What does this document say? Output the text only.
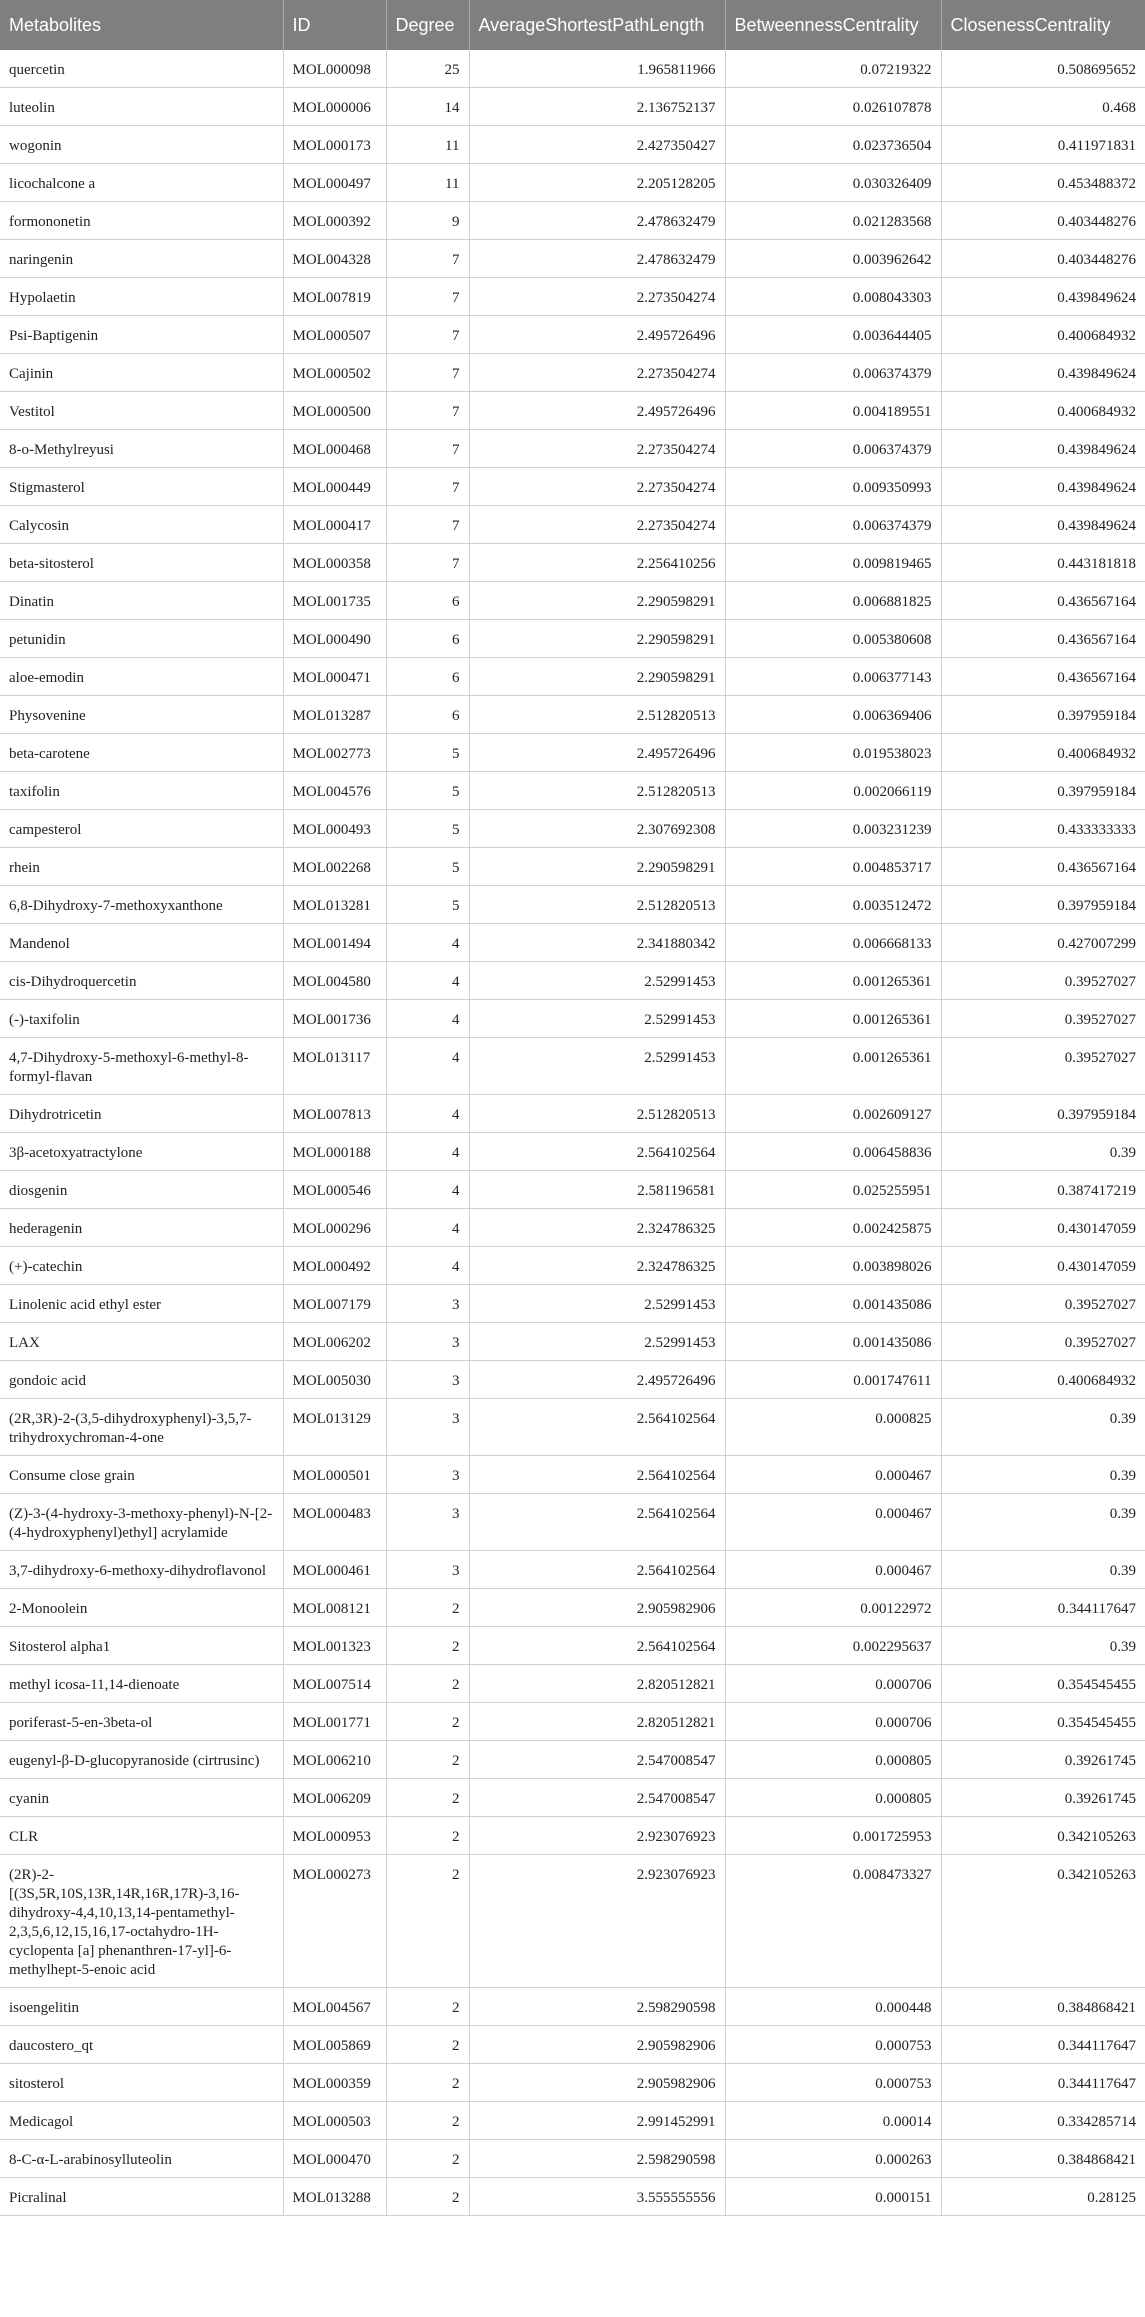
Metabolites	ID	Degree	AverageShortestPathLength	BetweennessCentrality	ClosenessCentrality
quercetin	MOL000098	25	1.965811966	0.07219322	0.508695652
luteolin	MOL000006	14	2.136752137	0.026107878	0.468
wogonin	MOL000173	11	2.427350427	0.023736504	0.411971831
licochalcone a	MOL000497	11	2.205128205	0.030326409	0.453488372
formononetin	MOL000392	9	2.478632479	0.021283568	0.403448276
naringenin	MOL004328	7	2.478632479	0.003962642	0.403448276
Hypolaetin	MOL007819	7	2.273504274	0.008043303	0.439849624
Psi-Baptigenin	MOL000507	7	2.495726496	0.003644405	0.400684932
Cajinin	MOL000502	7	2.273504274	0.006374379	0.439849624
Vestitol	MOL000500	7	2.495726496	0.004189551	0.400684932
8-o-Methylreyusi	MOL000468	7	2.273504274	0.006374379	0.439849624
Stigmasterol	MOL000449	7	2.273504274	0.009350993	0.439849624
Calycosin	MOL000417	7	2.273504274	0.006374379	0.439849624
beta-sitosterol	MOL000358	7	2.256410256	0.009819465	0.443181818
Dinatin	MOL001735	6	2.290598291	0.006881825	0.436567164
petunidin	MOL000490	6	2.290598291	0.005380608	0.436567164
aloe-emodin	MOL000471	6	2.290598291	0.006377143	0.436567164
Physovenine	MOL013287	6	2.512820513	0.006369406	0.397959184
beta-carotene	MOL002773	5	2.495726496	0.019538023	0.400684932
taxifolin	MOL004576	5	2.512820513	0.002066119	0.397959184
campesterol	MOL000493	5	2.307692308	0.003231239	0.433333333
rhein	MOL002268	5	2.290598291	0.004853717	0.436567164
6,8-Dihydroxy-7-methoxyxanthone	MOL013281	5	2.512820513	0.003512472	0.397959184
Mandenol	MOL001494	4	2.341880342	0.006668133	0.427007299
cis-Dihydroquercetin	MOL004580	4	2.52991453	0.001265361	0.39527027
(-)-taxifolin	MOL001736	4	2.52991453	0.001265361	0.39527027
4,7-Dihydroxy-5-methoxyl-6-methyl-8-formyl-flavan	MOL013117	4	2.52991453	0.001265361	0.39527027
Dihydrotricetin	MOL007813	4	2.512820513	0.002609127	0.397959184
3β-acetoxyatractylone	MOL000188	4	2.564102564	0.006458836	0.39
diosgenin	MOL000546	4	2.581196581	0.025255951	0.387417219
hederagenin	MOL000296	4	2.324786325	0.002425875	0.430147059
(+)-catechin	MOL000492	4	2.324786325	0.003898026	0.430147059
Linolenic acid ethyl ester	MOL007179	3	2.52991453	0.001435086	0.39527027
LAX	MOL006202	3	2.52991453	0.001435086	0.39527027
gondoic acid	MOL005030	3	2.495726496	0.001747611	0.400684932
(2R,3R)-2-(3,5-dihydroxyphenyl)-3,5,7-trihydroxychroman-4-one	MOL013129	3	2.564102564	0.000825	0.39
Consume close grain	MOL000501	3	2.564102564	0.000467	0.39
(Z)-3-(4-hydroxy-3-methoxy-phenyl)-N-[2-(4-hydroxyphenyl)ethyl] acrylamide	MOL000483	3	2.564102564	0.000467	0.39
3,7-dihydroxy-6-methoxy-dihydroflavonol	MOL000461	3	2.564102564	0.000467	0.39
2-Monoolein	MOL008121	2	2.905982906	0.00122972	0.344117647
Sitosterol alpha1	MOL001323	2	2.564102564	0.002295637	0.39
methyl icosa-11,14-dienoate	MOL007514	2	2.820512821	0.000706	0.354545455
poriferast-5-en-3beta-ol	MOL001771	2	2.820512821	0.000706	0.354545455
eugenyl-β-D-glucopyranoside (cirtrusinc)	MOL006210	2	2.547008547	0.000805	0.39261745
cyanin	MOL006209	2	2.547008547	0.000805	0.39261745
CLR	MOL000953	2	2.923076923	0.001725953	0.342105263
(2R)-2-[(3S,5R,10S,13R,14R,16R,17R)-3,16-dihydroxy-4,4,10,13,14-pentamethyl-2,3,5,6,12,15,16,17-octahydro-1H-cyclopenta [a] phenanthren-17-yl]-6-methylhept-5-enoic acid	MOL000273	2	2.923076923	0.008473327	0.342105263
isoengelitin	MOL004567	2	2.598290598	0.000448	0.384868421
daucostero_qt	MOL005869	2	2.905982906	0.000753	0.344117647
sitosterol	MOL000359	2	2.905982906	0.000753	0.344117647
Medicagol	MOL000503	2	2.991452991	0.00014	0.334285714
8-C-α-L-arabinosylluteolin	MOL000470	2	2.598290598	0.000263	0.384868421
Picralinal	MOL013288	2	3.555555556	0.000151	0.28125
